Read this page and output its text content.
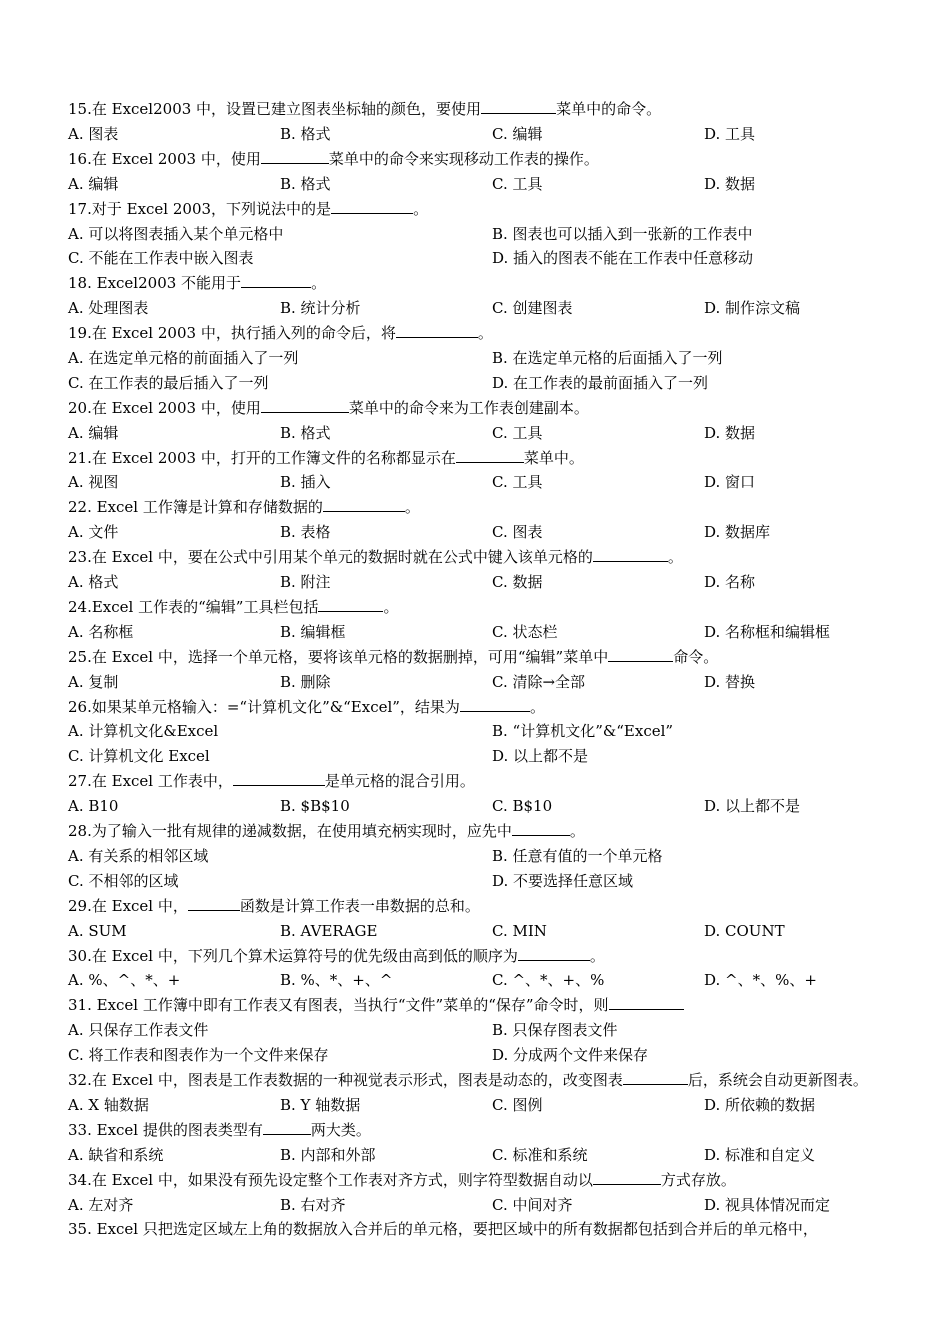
15.在 Excel2003 中，设置已建立图表坐标轴的颜色，要使用	菜单中的命令。
A. 图表	B. 格式	C. 编辑	D. 工具
16.在 Excel 2003 中，使用	菜单中的命令来实现移动工作表的操作。
A. 编辑	B. 格式	C. 工具	D. 数据
17.对于 Excel 2003，下列说法中的是	。
A. 可以将图表插入某个单元格中	B. 图表也可以插入到一张新的工作表中
C. 不能在工作表中嵌入图表	D. 插入的图表不能在工作表中任意移动
18. Excel2003 不能用于	。
A. 处理图表	B. 统计分析	C. 创建图表	D. 制作淙文稿
19.在 Excel 2003 中，执行插入列的命令后，将	。
A. 在选定单元格的前面插入了一列	B. 在选定单元格的后面插入了一列
C. 在工作表的最后插入了一列	D. 在工作表的最前面插入了一列
20.在 Excel 2003 中，使用	菜单中的命令来为工作表创建副本。
A. 编辑	B. 格式	C. 工具	D. 数据
21.在 Excel 2003 中，打开的工作簿文件的名称都显示在	菜单中。
A. 视图	B. 插入	C. 工具	D. 窗口
22. Excel 工作簿是计算和存储数据的	。
A. 文件	B. 表格	C. 图表	D. 数据库
23.在 Excel 中，要在公式中引用某个单元的数据时就在公式中键入该单元格的	。
A. 格式	B. 附注	C. 数据	D. 名称
24.Excel 工作表的“编辑”工具栏包括	。
A. 名称框	B. 编辑框	C. 状态栏	D. 名称框和编辑框
25.在 Excel 中，选择一个单元格，要将该单元格的数据删掉，可用“编辑”菜单中	命令。
A. 复制	B. 删除	C. 清除→全部	D. 替换
26.如果某单元格输入：=“计算机文化”&“Excel”，结果为	。
A. 计算机文化&Excel	B. “计算机文化”&“Excel”
C. 计算机文化 Excel	D. 以上都不是
27.在 Excel 工作表中，	是单元格的混合引用。
A. B10	B. $B$10	C. B$10	D. 以上都不是
28.为了输入一批有规律的递减数据，在使用填充柄实现时，应先中	。
A. 有关系的相邻区域	B. 任意有值的一个单元格
C. 不相邻的区域	D. 不要选择任意区域
29.在 Excel 中，	函数是计算工作表一串数据的总和。
A. SUM	B. AVERAGE	C. MIN	D. COUNT
30.在 Excel 中，下列几个算术运算符号的优先级由高到低的顺序为	。
A. %、^、*、+	B. %、*、+、^	C. ^、*、+、%	D. ^、*、%、+
31. Excel 工作簿中即有工作表又有图表，当执行“文件”菜单的“保存”命令时，则
A. 只保存工作表文件	B. 只保存图表文件
C. 将工作表和图表作为一个文件来保存	D. 分成两个文件来保存
32.在 Excel 中，图表是工作表数据的一种视觉表示形式，图表是动态的，改变图表	后，系统会自动更新图表。
A. X 轴数据	B. Y 轴数据	C. 图例	D. 所依赖的数据
33. Excel 提供的图表类型有	两大类。
A. 缺省和系统	B. 内部和外部	C. 标准和系统	D. 标准和自定义
34.在 Excel 中，如果没有预先设定整个工作表对齐方式，则字符型数据自动以	方式存放。
A. 左对齐	B. 右对齐	C. 中间对齐	D. 视具体情况而定
35. Excel 只把选定区域左上角的数据放入合并后的单元格，要把区域中的所有数据都包括到合并后的单元格中，
